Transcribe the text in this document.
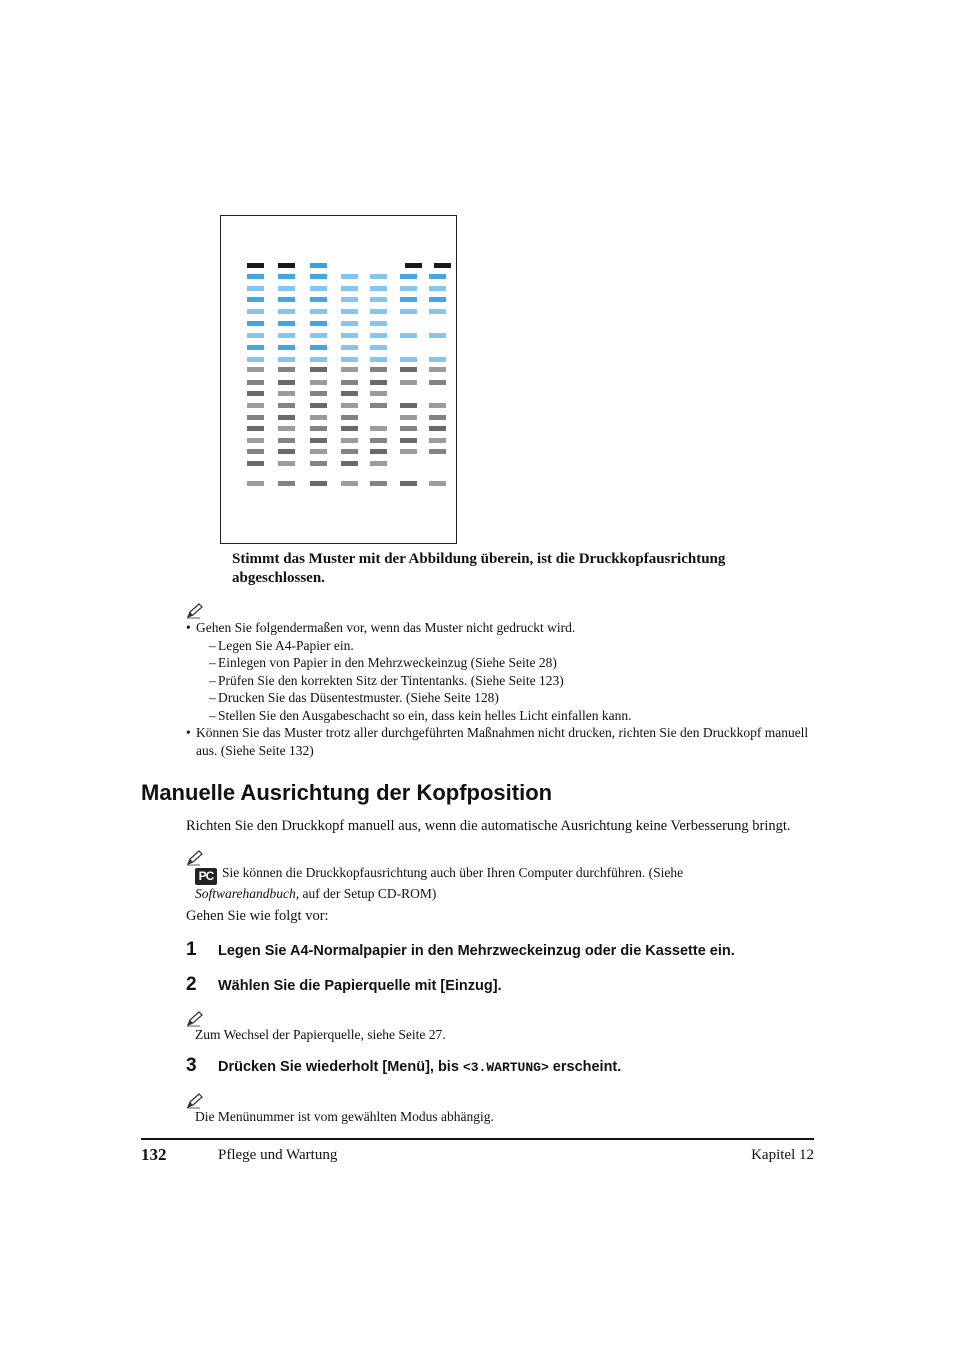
Stimmt das Muster mit der Abbildung überein, ist die Druckkopfausrichtung abgeschlossen.
• Gehen Sie folgendermaßen vor, wenn das Muster nicht gedruckt wird.
– Legen Sie A4-Papier ein.
– Einlegen von Papier in den Mehrzweckeinzug (Siehe Seite 28)
– Prüfen Sie den korrekten Sitz der Tintentanks. (Siehe Seite 123)
– Drucken Sie das Düsentestmuster. (Siehe Seite 128)
– Stellen Sie den Ausgabeschacht so ein, dass kein helles Licht einfallen kann.
• Können Sie das Muster trotz aller durchgeführten Maßnahmen nicht drucken, richten Sie den Druckkopf manuell aus. (Siehe Seite 132)
Manuelle Ausrichtung der Kopfposition
Richten Sie den Druckkopf manuell aus, wenn die automatische Ausrichtung keine Verbesserung bringt.
PC Sie können die Druckkopfausrichtung auch über Ihren Computer durchführen. (Siehe
Softwarehandbuch, auf der Setup CD-ROM)
Gehen Sie wie folgt vor:
1 Legen Sie A4-Normalpapier in den Mehrzweckeinzug oder die Kassette ein.
2 Wählen Sie die Papierquelle mit [Einzug].
Zum Wechsel der Papierquelle, siehe Seite 27.
3 Drücken Sie wiederholt [Menü], bis <3.WARTUNG> erscheint.
Die Menünummer ist vom gewählten Modus abhängig.
132	Pflege und Wartung	Kapitel 12
